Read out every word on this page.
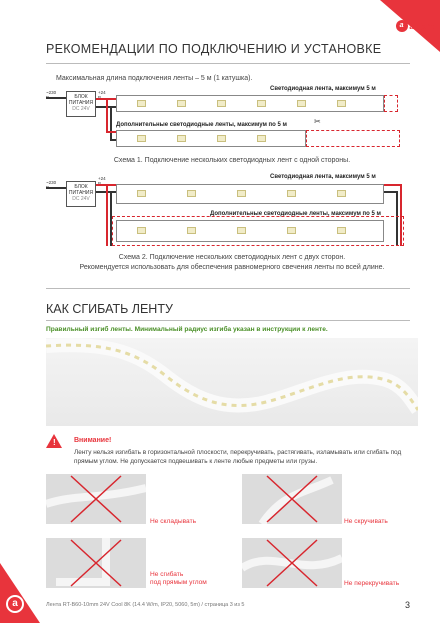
a arlight
a
РЕКОМЕНДАЦИИ ПО ПОДКЛЮЧЕНИЮ И УСТАНОВКЕ
Максимальная длина подключения ленты – 5 м (1 катушка).
~230
БЛОК ПИТАНИЯ
DC 24V
+24
Светодиодная лента, максимум 5 м
Дополнительные светодиодные ленты, максимум по 5 м	✂
Схема 1. Подключение нескольких светодиодных лент с одной стороны.
~230
БЛОК ПИТАНИЯ
DC 24V
+24	Светодиодная лента, максимум 5 м
Дополнительные светодиодные ленты, максимум по 5 м
Схема 2. Подключение нескольких светодиодных лент с двух сторон.
Рекомендуется использовать для обеспечения равномерного свечения ленты по всей длине.
КАК СГИБАТЬ ЛЕНТУ
Правильный изгиб ленты. Минимальный радиус изгиба указан в инструкции к ленте.
!	Внимание!
Ленту нельзя изгибать в горизонтальной плоскости, перекручивать, растягивать, изламывать или сгибать под прямым углом. Не допускается подвешивать к ленте любые предметы или грузы.
Не складывать	Не скручивать
Не сгибать
под прямым углом	Не перекручивать
Лента RT-B60-10mm 24V Cool 8K (14.4 W/m, IP20, 5060, 5m) / страница 3 из 5	3
